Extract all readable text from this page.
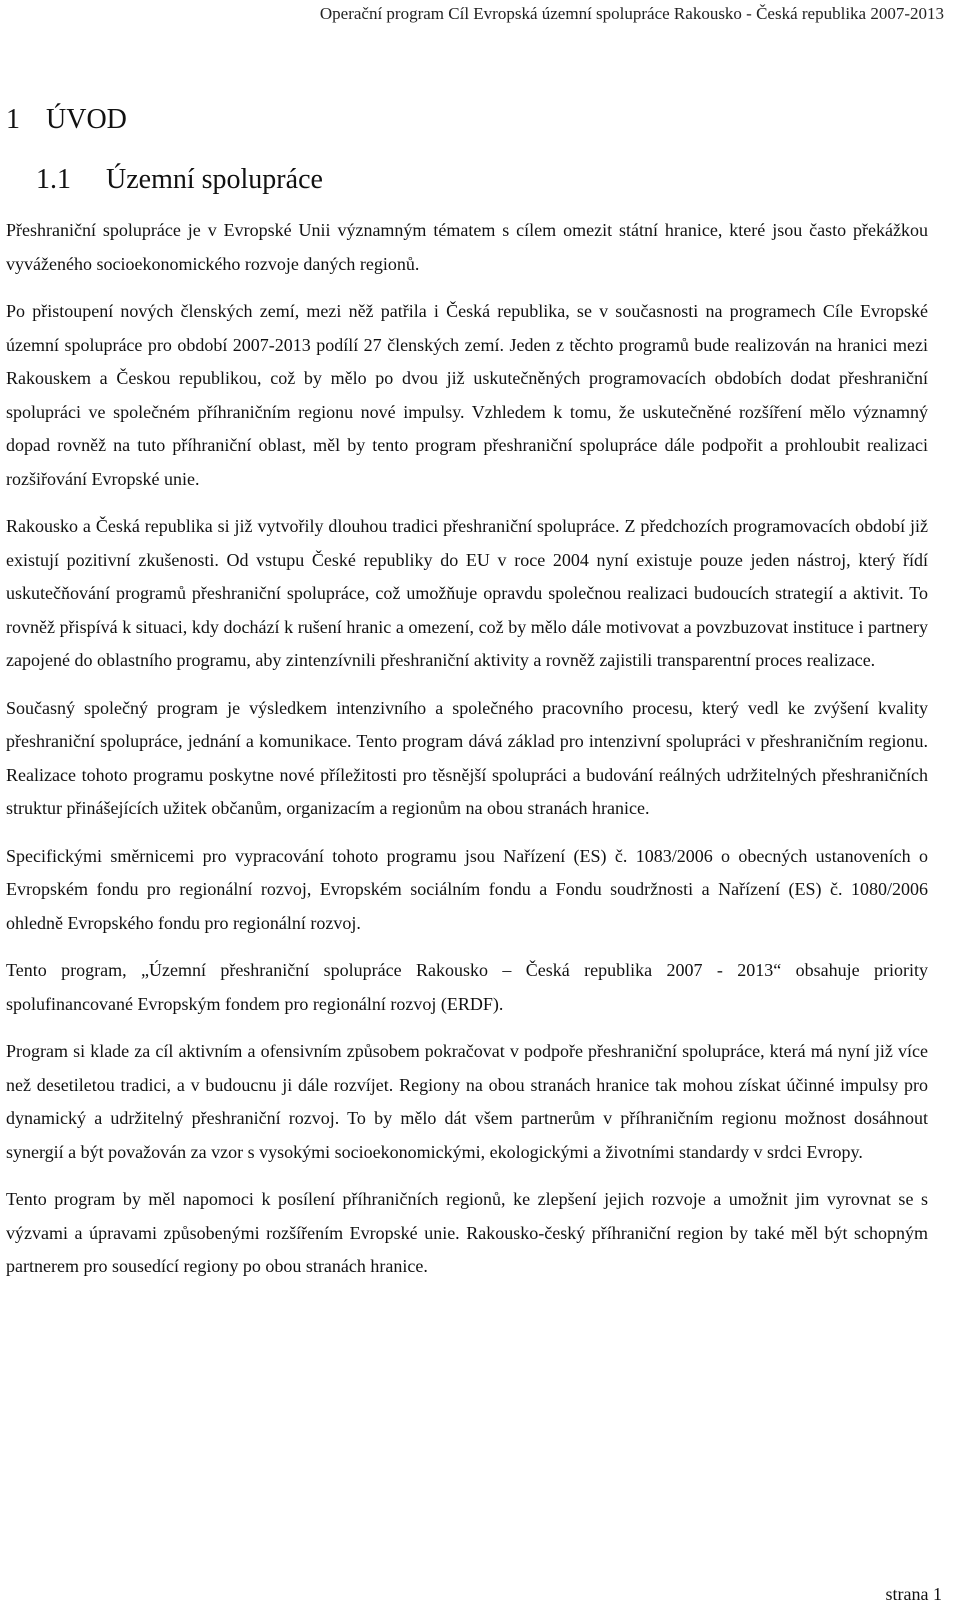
Operační program Cíl Evropská územní spolupráce Rakousko - Česká republika 2007-2013
1 ÚVOD
1.1 Územní spolupráce

Přeshraniční spolupráce je v Evropské Unii významným tématem s cílem omezit státní hranice, které jsou často překážkou vyváženého socioekonomického rozvoje daných regionů.

Po přistoupení nových členských zemí, mezi něž patřila i Česká republika, se v současnosti na programech Cíle Evropské územní spolupráce pro období 2007-2013 podílí 27 členských zemí. Jeden z těchto programů bude realizován na hranici mezi Rakouskem a Českou republikou, což by mělo po dvou již uskutečněných programovacích obdobích dodat přeshraniční spolupráci ve společném příhraničním regionu nové impulsy. Vzhledem k tomu, že uskutečněné rozšíření mělo významný dopad rovněž na tuto příhraniční oblast, měl by tento program přeshraniční spolupráce dále podpořit a prohloubit realizaci rozšiřování Evropské unie.

Rakousko a Česká republika si již vytvořily dlouhou tradici přeshraniční spolupráce. Z předchozích programovacích období již existují pozitivní zkušenosti. Od vstupu České republiky do EU v roce 2004 nyní existuje pouze jeden nástroj, který řídí uskutečňování programů přeshraniční spolupráce, což umožňuje opravdu společnou realizaci budoucích strategií a aktivit. To rovněž přispívá k situaci, kdy dochází k rušení hranic a omezení, což by mělo dále motivovat a povzbuzovat instituce i partnery zapojené do oblastního programu, aby zintenzívnili přeshraniční aktivity a rovněž zajistili transparentní proces realizace.

Současný společný program je výsledkem intenzivního a společného pracovního procesu, který vedl ke zvýšení kvality přeshraniční spolupráce, jednání a komunikace. Tento program dává základ pro intenzivní spolupráci v přeshraničním regionu. Realizace tohoto programu poskytne nové příležitosti pro těsnější spolupráci a budování reálných udržitelných přeshraničních struktur přinášejících užitek občanům, organizacím a regionům na obou stranách hranice.

Specifickými směrnicemi pro vypracování tohoto programu jsou Nařízení (ES) č. 1083/2006 o obecných ustanoveních o Evropském fondu pro regionální rozvoj, Evropském sociálním fondu a Fondu soudržnosti a Nařízení (ES) č. 1080/2006 ohledně Evropského fondu pro regionální rozvoj.

Tento program, „Územní přeshraniční spolupráce Rakousko – Česká republika 2007 - 2013“ obsahuje priority spolufinancované Evropským fondem pro regionální rozvoj (ERDF).

Program si klade za cíl aktivním a ofensivním způsobem pokračovat v podpoře přeshraniční spolupráce, která má nyní již více než desetiletou tradici, a v budoucnu ji dále rozvíjet. Regiony na obou stranách hranice tak mohou získat účinné impulsy pro dynamický a udržitelný přeshraniční rozvoj. To by mělo dát všem partnerům v příhraničním regionu možnost dosáhnout synergií a být považován za vzor s vysokými socioekonomickými, ekologickými a životními standardy v srdci Evropy.

Tento program by měl napomoci k posílení příhraničních regionů, ke zlepšení jejich rozvoje a umožnit jim vyrovnat se s výzvami a úpravami způsobenými rozšířením Evropské unie. Rakousko-český příhraniční region by také měl být schopným partnerem pro sousedící regiony po obou stranách hranice.

strana 1
